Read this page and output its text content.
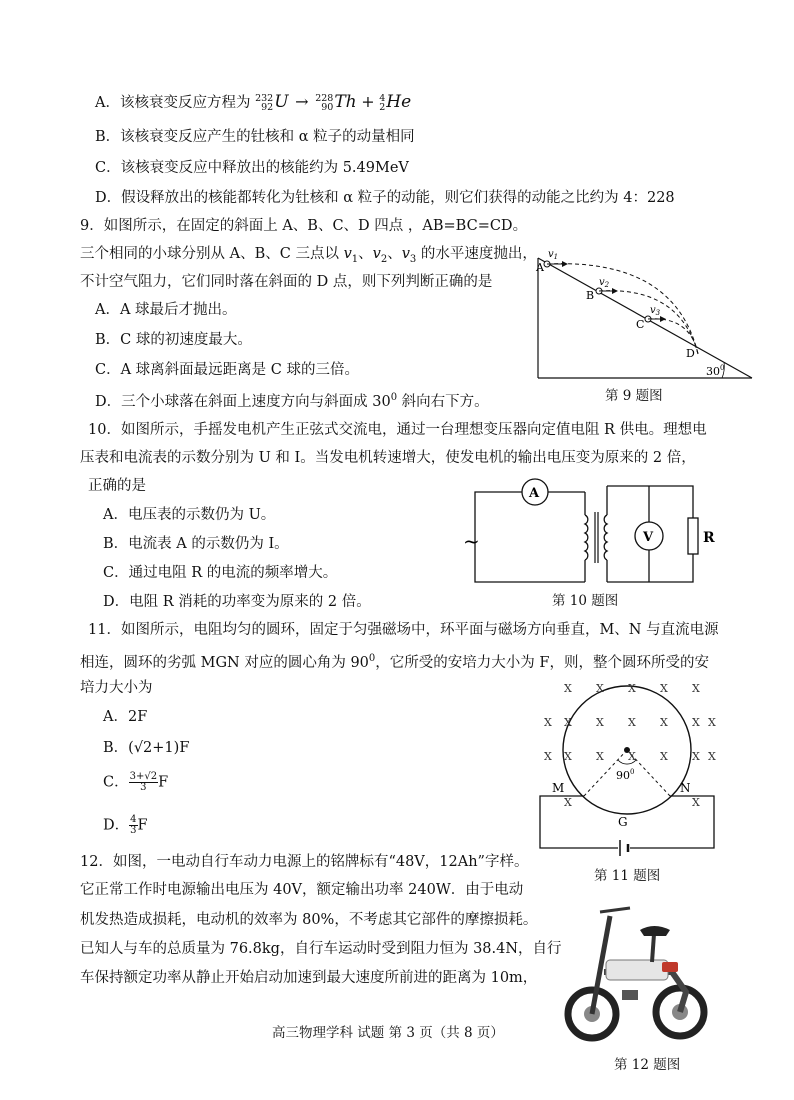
A．该核衰变反应方程为 232
92U → 228
90Th + 4
2He
B．该核衰变反应产生的钍核和 α 粒子的动量相同
C．该核衰变反应中释放出的核能约为 5.49MeV
D．假设释放出的核能都转化为钍核和 α 粒子的动能，则它们获得的动能之比约为 4：228
9．如图所示，在固定的斜面上 A、B、C、D 四点 ，AB=BC=CD。
三个相同的小球分别从 A、B、C 三点以 $v_1$、$v_2$、$v_3$ 的水平速度抛出，
不计空气阻力，它们同时落在斜面的 D 点，则下列判断正确的是
A．A 球最后才抛出。
B．C 球的初速度最大。
C．A 球离斜面最远距离是 C 球的三倍。
D．三个小球落在斜面上速度方向与斜面成 $30^0$ 斜向右下方。
A
B
C
D
$v_1$
$v_2$
$v_3$
$30^0$
第 9 题图
10．如图所示，手摇发电机产生正弦式交流电，通过一台理想变压器向定值电阻 R 供电。理想电
压表和电流表的示数分别为 U 和 I。当发电机转速增大，使发电机的输出电压变为原来的 2 倍，
正确的是
A．电压表的示数仍为 U。
B．电流表 A 的示数仍为 I。
C．通过电阻 R 的电流的频率增大。
D．电阻 R 消耗的功率变为原来的 2 倍。
A
~	V	R
第 10 题图
11．如图所示，电阻均匀的圆环，固定于匀强磁场中，环平面与磁场方向垂直，M、N 与直流电源
相连，圆环的劣弧 MGN 对应的圆心角为 $90^0$，它所受的安培力大小为 F，则，整个圆环所受的安
培力大小为
A．2F
B．(√2+1)F
C． $\frac{3+√2}{3}$ F
D． $\frac{4}{3}$ F
$90^0$
M	N
G
X X X X X
X X X X X
X X X X X
X
X
X
X
X	X
第 11 题图
12．如图，一电动自行车动力电源上的铭牌标有“48V，12Ah”字样。
它正常工作时电源输出电压为 40V，额定输出功率 240W．由于电动
机发热造成损耗，电动机的效率为 80%，不考虑其它部件的摩擦损耗。
已知人与车的总质量为 76.8kg，自行车运动时受到阻力恒为 38.4N，自行
车保持额定功率从静止开始启动加速到最大速度所前进的距离为 10m，
第 12 题图
高三物理学科 试题 第 3 页（共 8 页）
